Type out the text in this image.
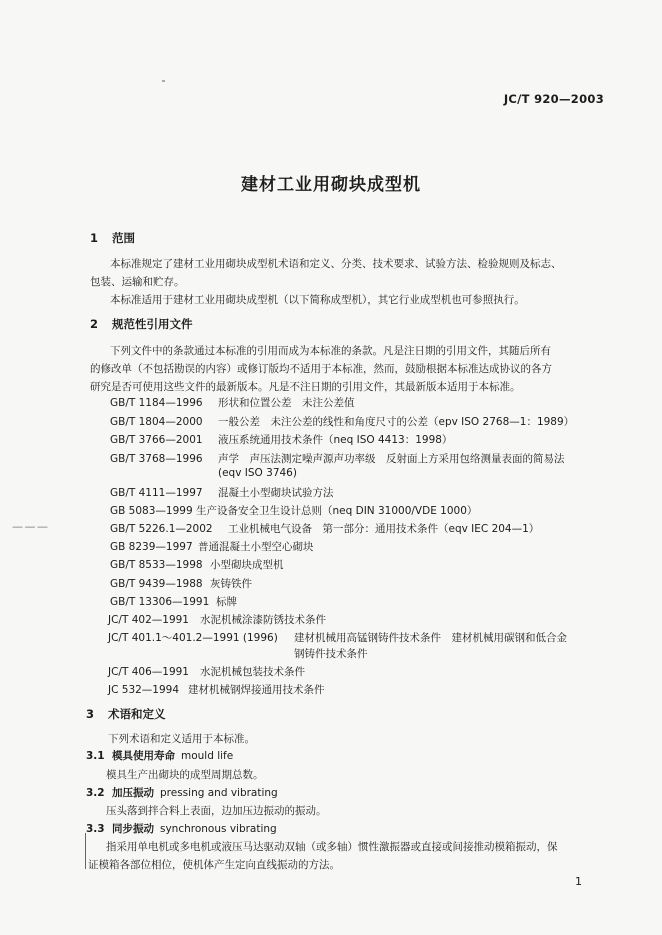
JC/T 920—2003
建材工业用砌块成型机
1 范围
本标准规定了建材工业用砌块成型机术语和定义、分类、技术要求、试验方法、检验规则及标志、
包装、运输和贮存。
本标准适用于建材工业用砌块成型机（以下简称成型机），其它行业成型机也可参照执行。
2 规范性引用文件
下列文件中的条款通过本标准的引用而成为本标准的条款。凡是注日期的引用文件，其随后所有
的修改单（不包括勘误的内容）或修订版均不适用于本标准，然而，鼓励根据本标准达成协议的各方
研究是否可使用这些文件的最新版本。凡是不注日期的引用文件，其最新版本适用于本标准。
GB/T 1184—1996 形状和位置公差　未注公差值
GB/T 1804—2000 一般公差　未注公差的线性和角度尺寸的公差（epv ISO 2768—1：1989）
GB/T 3766—2001 液压系统通用技术条件（neq ISO 4413：1998）
GB/T 3768—1996 声学　声压法测定噪声源声功率级　反射面上方采用包络测量表面的简易法
(eqv ISO 3746)
GB/T 4111—1997 混凝土小型砌块试验方法
GB 5083—1999 生产设备安全卫生设计总则（neq DIN 31000/VDE 1000）
GB/T 5226.1—2002 工业机械电气设备　第一部分：通用技术条件（eqv IEC 204—1）
GB 8239—1997 普通混凝土小型空心砌块
GB/T 8533—1998 小型砌块成型机
GB/T 9439—1988 灰铸铁件
GB/T 13306—1991 标牌
JC/T 402—1991 水泥机械涂漆防锈技术条件
JC/T 401.1～401.2—1991 (1996) 建材机械用高锰钢铸件技术条件　建材机械用碳钢和低合金
钢铸件技术条件
JC/T 406—1991 水泥机械包装技术条件
JC 532—1994 建材机械钢焊接通用技术条件
3 术语和定义
下列术语和定义适用于本标准。
3.1 模具使用寿命 mould life
模具生产出砌块的成型周期总数。
3.2 加压振动 pressing and vibrating
压头落到拌合料上表面，边加压边振动的振动。
3.3 同步振动 synchronous vibrating
指采用单电机或多电机或液压马达驱动双轴（或多轴）惯性激振器或直接或间接推动模箱振动，保
证模箱各部位相位，使机体产生定向直线振动的方法。
— — —
1
